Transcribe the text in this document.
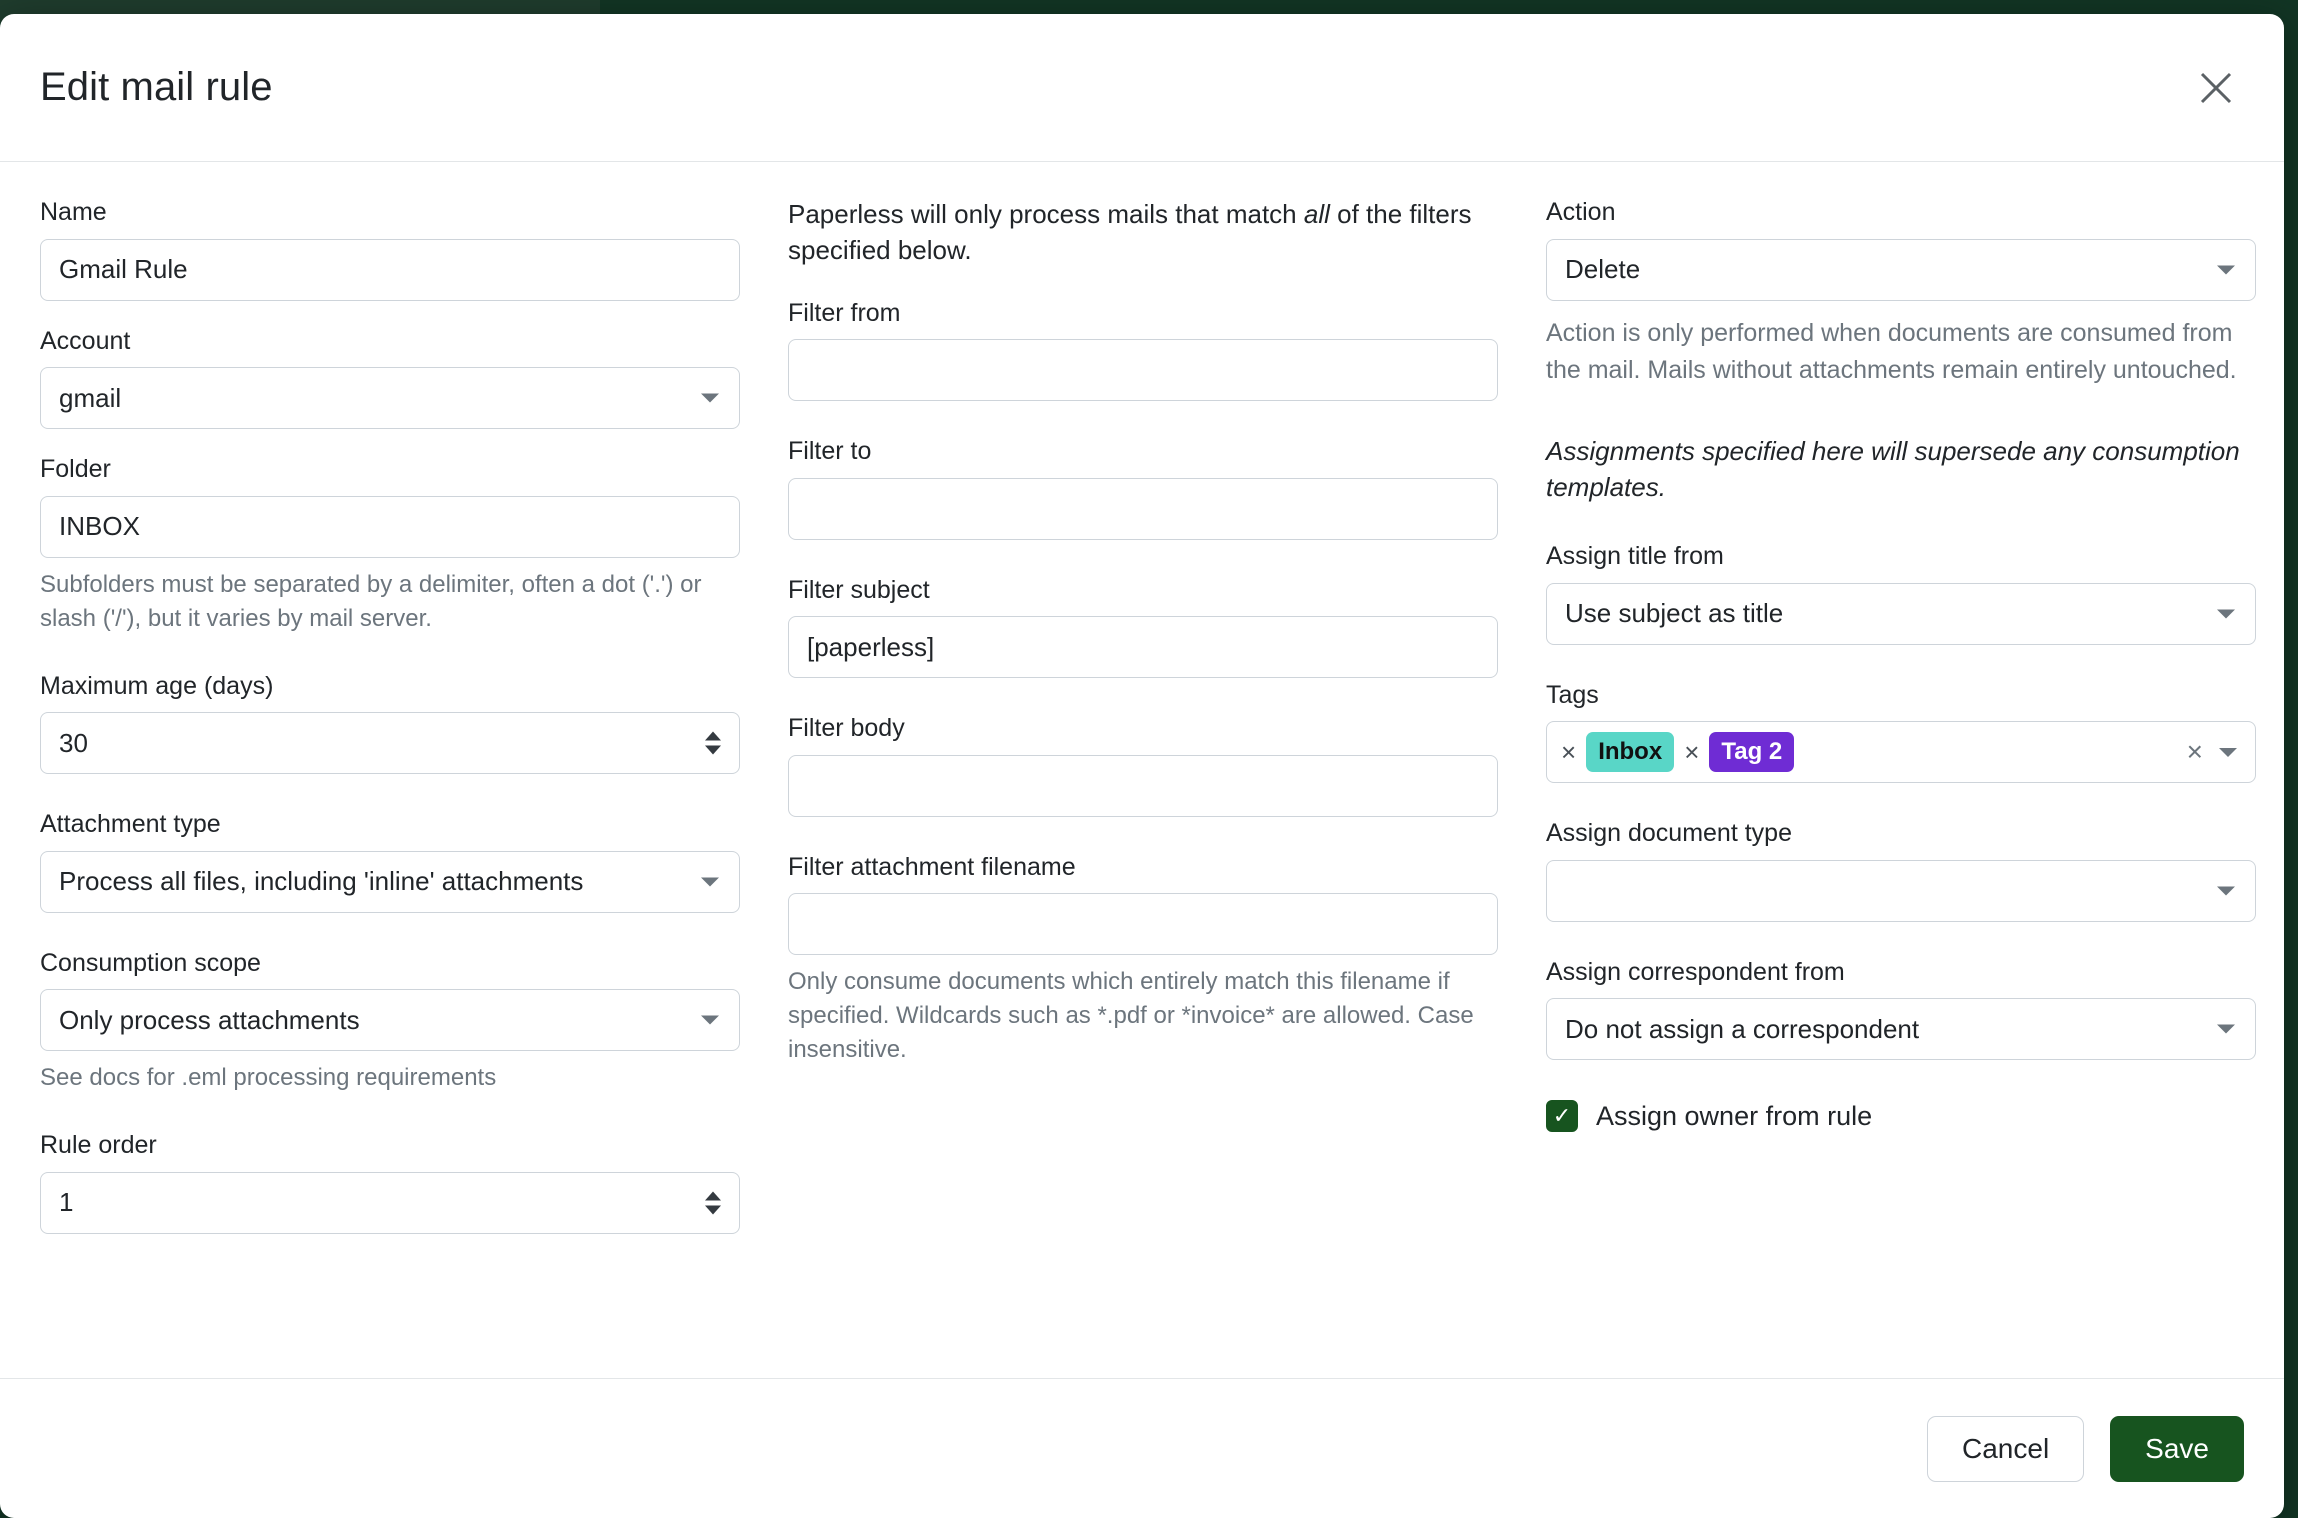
Edit mail rule
Name
Gmail Rule
Account
gmail
Folder
INBOX
Subfolders must be separated by a delimiter, often a dot ('.') or slash ('/'), but it varies by mail server.
Maximum age (days)
30
Attachment type
Process all files, including 'inline' attachments
Consumption scope
Only process attachments
See docs for .eml processing requirements
Rule order
1
Paperless will only process mails that match all of the filters specified below.
Filter from
Filter to
Filter subject
[paperless]
Filter body
Filter attachment filename
Only consume documents which entirely match this filename if specified. Wildcards such as *.pdf or *invoice* are allowed. Case insensitive.
Action
Delete
Action is only performed when documents are consumed from the mail. Mails without attachments remain entirely untouched.
Assignments specified here will supersede any consumption templates.
Assign title from
Use subject as title
Tags
× Inbox × Tag 2	×
Assign document type
Assign correspondent from
Do not assign a correspondent
✓ Assign owner from rule
Cancel	Save
